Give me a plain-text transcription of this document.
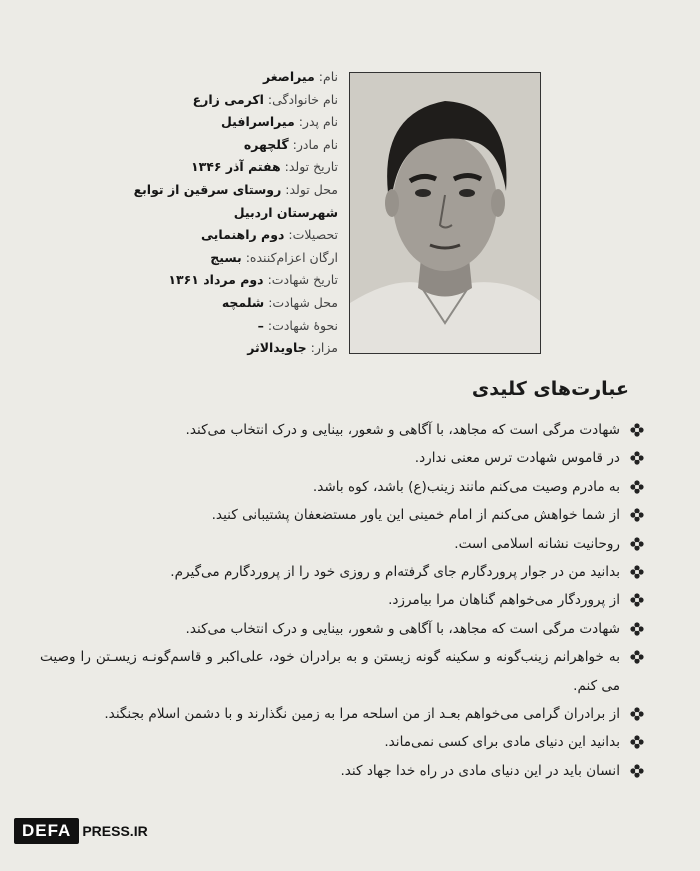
نام: میراصغر
نام خانوادگی: اکرمی زارع
نام پدر: میراسرافیل
نام مادر: گلچهره
تاریخ تولد: هفتم آذر ۱۳۴۶
محل تولد: روستای سرقین از توابع شهرستان اردبیل
تحصیلات: دوم راهنمایی
ارگان اعزام‌کننده: بسیج
تاریخ شهادت: دوم مرداد ۱۳۶۱
محل شهادت: شلمچه
نحوهٔ شهادت: –
مزار: جاویدالاثر
عبارت‌های کلیدی
شهادت مرگی است که مجاهد، با آگاهی و شعور، بینایی و درک انتخاب می‌کند.
در قاموس شهادت ترس معنی ندارد.
به مادرم وصیت می‌کنم مانند زینب(ع) باشد، کوه باشد.
از شما خواهش می‌کنم از امام خمینی این یاور مستضعفان پشتیبانی کنید.
روحانیت نشانه اسلامی است.
بدانید من در جوار پروردگارم جای گرفته‌ام و روزی خود را از پروردگارم می‌گیرم.
از پروردگار می‌خواهم گناهان مرا بیامرزد.
شهادت مرگی است که مجاهد، با آگاهی و شعور، بینایی و درک انتخاب می‌کند.
به خواهرانم زینب‌گونه و سکینه گونه زیستن و به برادران خود، علی‌اکبر و قاسم‌گونـه زیسـتن را وصیت می کنم.
از برادران گرامی می‌خواهم بعـد از من اسلحه مرا به زمین نگذارند و با دشمن اسلام بجنگند.
بدانید این دنیای مادی برای کسی نمی‌ماند.
انسان باید در این دنیای مادی در راه خدا جهاد کند.
DEFA PRESS.IR
